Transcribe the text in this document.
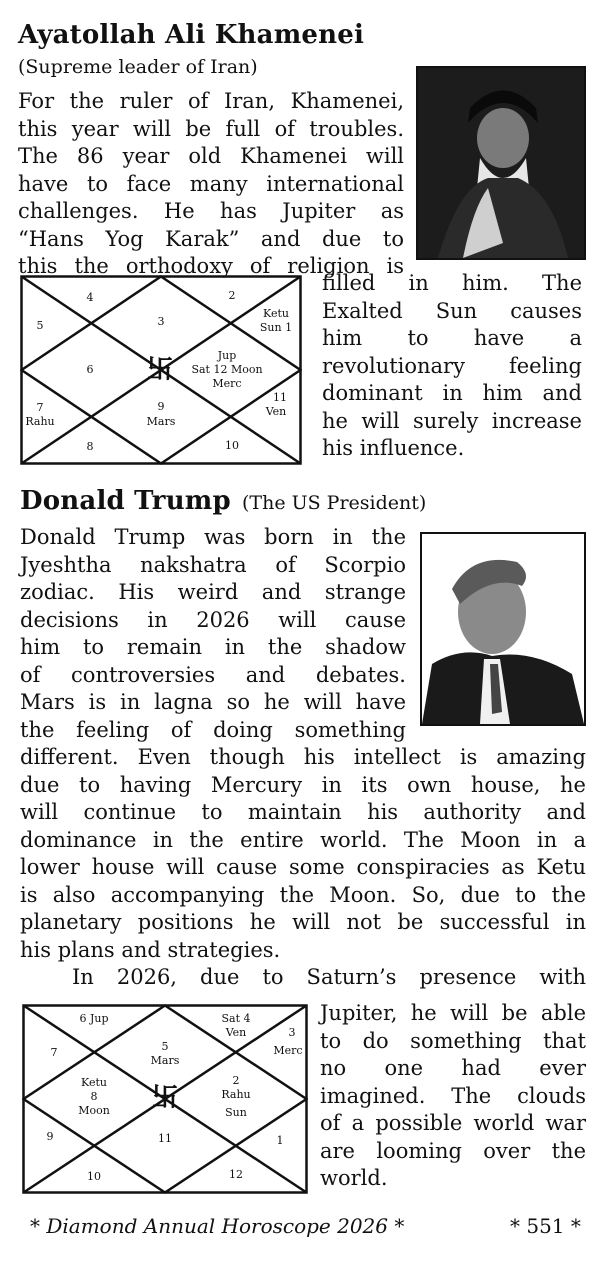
Ayatollah Ali Khamenei
(Supreme leader of Iran)
For the ruler of Iran, Khamenei,
this year will be full of troubles.
The 86 year old Khamenei will
have to face many international
challenges. He has Jupiter as
“Hans Yog Karak” and due to
this the orthodoxy of religion is
3
2
Ketu
Sun 1
4
5
6
7
Rahu
8
9
Mars
10
11
Ven
Jup
Sat 12 Moon
Merc
卐
filled in him. The
Exalted Sun causes
him to have a
revolutionary feeling
dominant in him and
he will surely increase
his influence.
Donald Trump (The US President)
Donald Trump was born in the
Jyeshtha nakshatra of Scorpio
zodiac. His weird and strange
decisions in 2026 will cause
him to remain in the shadow
of controversies and debates.
Mars is in lagna so he will have
the feeling of doing something
different. Even though his intellect is amazing
due to having Mercury in its own house, he
will continue to maintain his authority and
dominance in the entire world. The Moon in a
lower house will cause some conspiracies as Ketu
is also accompanying the Moon. So, due to the
planetary positions he will not be successful in
his plans and strategies.
In 2026, due to Saturn’s presence with
6 Jup	Sat 4
Ven	3
Merc
7	5
Mars
Ketu
8
Moon
2
Rahu
Sun
9	11	1
10	12
卐
Jupiter, he will be able
to do something that
no one had ever
imagined. The clouds
of a possible world war
are looming over the
world.
* Diamond Annual Horoscope 2026 *	* 551 *
